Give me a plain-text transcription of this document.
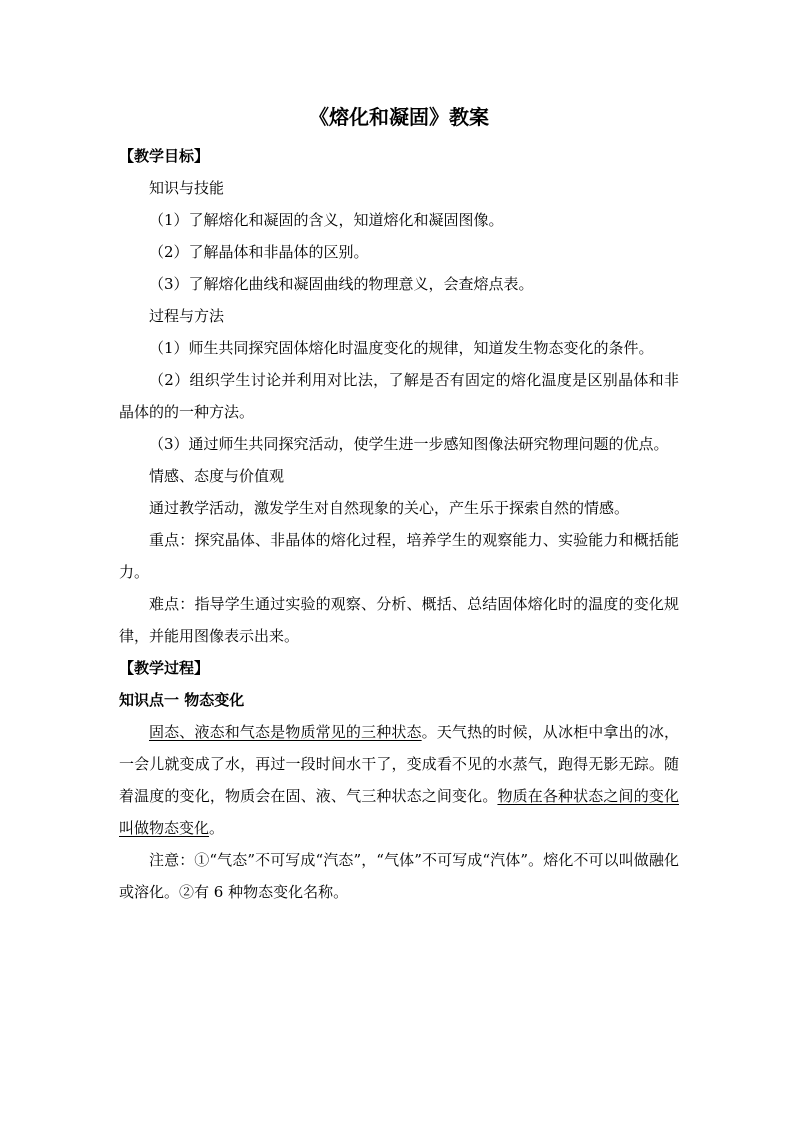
《熔化和凝固》教案
【教学目标】
知识与技能

（1）了解熔化和凝固的含义，知道熔化和凝固图像。

（2）了解晶体和非晶体的区别。

（3）了解熔化曲线和凝固曲线的物理意义，会查熔点表。

过程与方法

（1）师生共同探究固体熔化时温度变化的规律，知道发生物态变化的条件。

（2）组织学生讨论并利用对比法，了解是否有固定的熔化温度是区别晶体和非晶体的的一种方法。

（3）通过师生共同探究活动，使学生进一步感知图像法研究物理问题的优点。

情感、态度与价值观

通过教学活动，激发学生对自然现象的关心，产生乐于探索自然的情感。

重点：探究晶体、非晶体的熔化过程，培养学生的观察能力、实验能力和概括能力。

难点：指导学生通过实验的观察、分析、概括、总结固体熔化时的温度的变化规律，并能用图像表示出来。

【教学过程】

知识点一 物态变化

固态、液态和气态是物质常见的三种状态。天气热的时候，从冰柜中拿出的冰，一会儿就变成了水，再过一段时间水干了，变成看不见的水蒸气，跑得无影无踪。随着温度的变化，物质会在固、液、气三种状态之间变化。物质在各种状态之间的变化叫做物态变化。

注意：①“气态”不可写成“汽态”，“气体”不可写成“汽体”。熔化不可以叫做融化或溶化。②有 6 种物态变化名称。
